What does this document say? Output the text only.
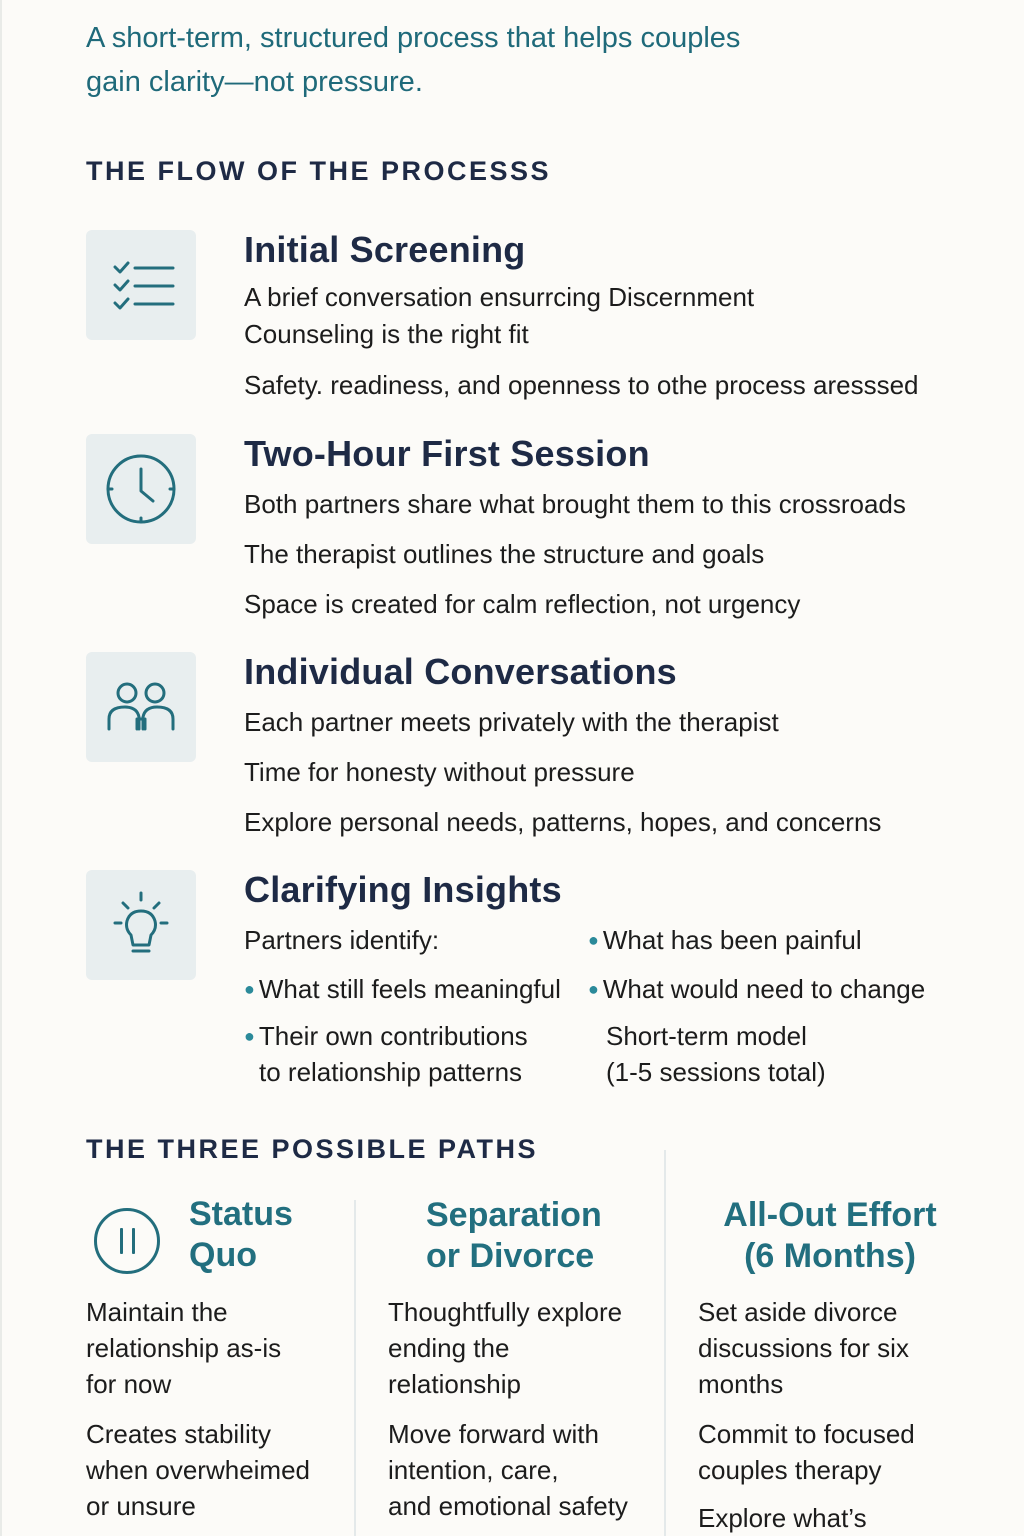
A short-term, structured process that helps couples
gain clarity—not pressure.
THE FLOW OF THE PROCESSS
Initial Screening
A brief conversation ensurrcing Discernment
Counseling is the right fit
Safety. readiness, and openness to othe process aresssed
Two-Hour First Session
Both partners share what brought them to this crossroads
The therapist outlines the structure and goals
Space is created for calm reflection, not urgency
Individual Conversations
Each partner meets privately with the therapist
Time for honesty without pressure
Explore personal needs, patterns, hopes, and concerns
Clarifying Insights
Partners identify:	● What has been painful
● What still feels meaningful ● What would need to change
● Their own contributions
to relationship patterns
Short-term model
(1-5 sessions total)
THE THREE POSSIBLE PATHS
Status
Quo
Maintain the
relationship as-is
for now
Creates stability
when overwheimed
or unsure
Separation
or Divorce
Thoughtfully explore
ending the
relationship
Move forward with
intention, care,
and emotional safety
All-Out Effort
(6 Months)
Set aside divorce
discussions for six
months
Commit to focused
couples therapy
Explore what’s
